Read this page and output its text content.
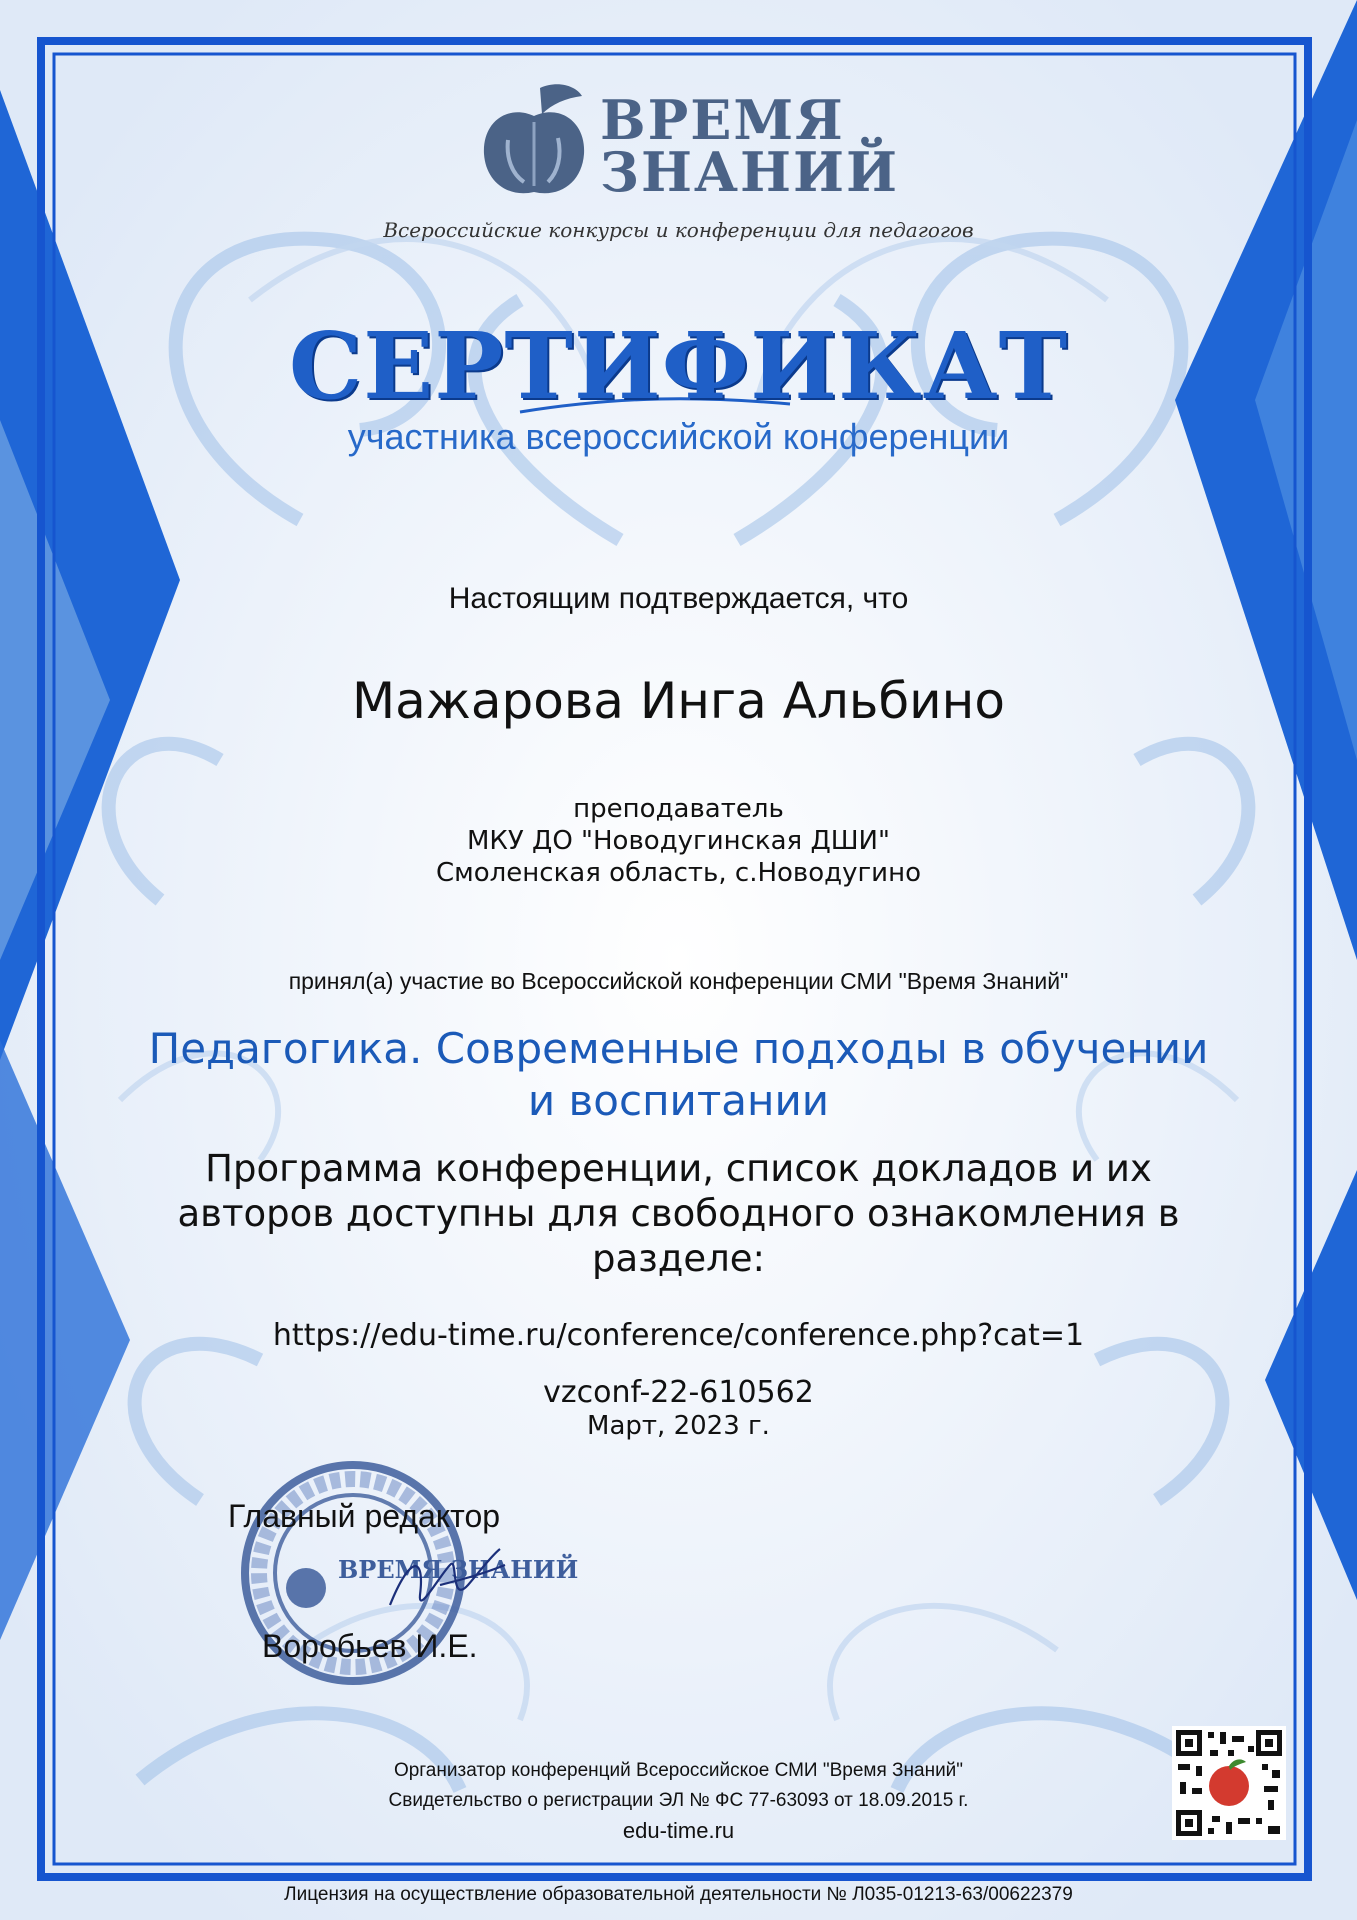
ВРЕМЯ
ЗНАНИЙ
Всероссийские конкурсы и конференции для педагогов
СЕРТИФИКАТ
участника всероссийской конференции
Настоящим подтверждается, что
Мажарова Инга Альбино
преподаватель
МКУ ДО "Новодугинская ДШИ"
Смоленская область, с.Новодугино
принял(а) участие во Всероссийской конференции СМИ "Время Знаний"
Педагогика. Современные подходы в обучении
и воспитании
Программа конференции, список докладов и их
авторов доступны для свободного ознакомления в
разделе:
https://edu-time.ru/conference/conference.php?cat=1
vzconf-22-610562
Март, 2023 г.
ВРЕМЯ ЗНАНИЙ
Главный редактор
Воробьев И.Е.
Организатор конференций Всероссийское СМИ "Время Знаний"
Свидетельство о регистрации ЭЛ № ФС 77-63093 от 18.09.2015 г.
edu-time.ru
Лицензия на осуществление образовательной деятельности № Л035-01213-63/00622379
